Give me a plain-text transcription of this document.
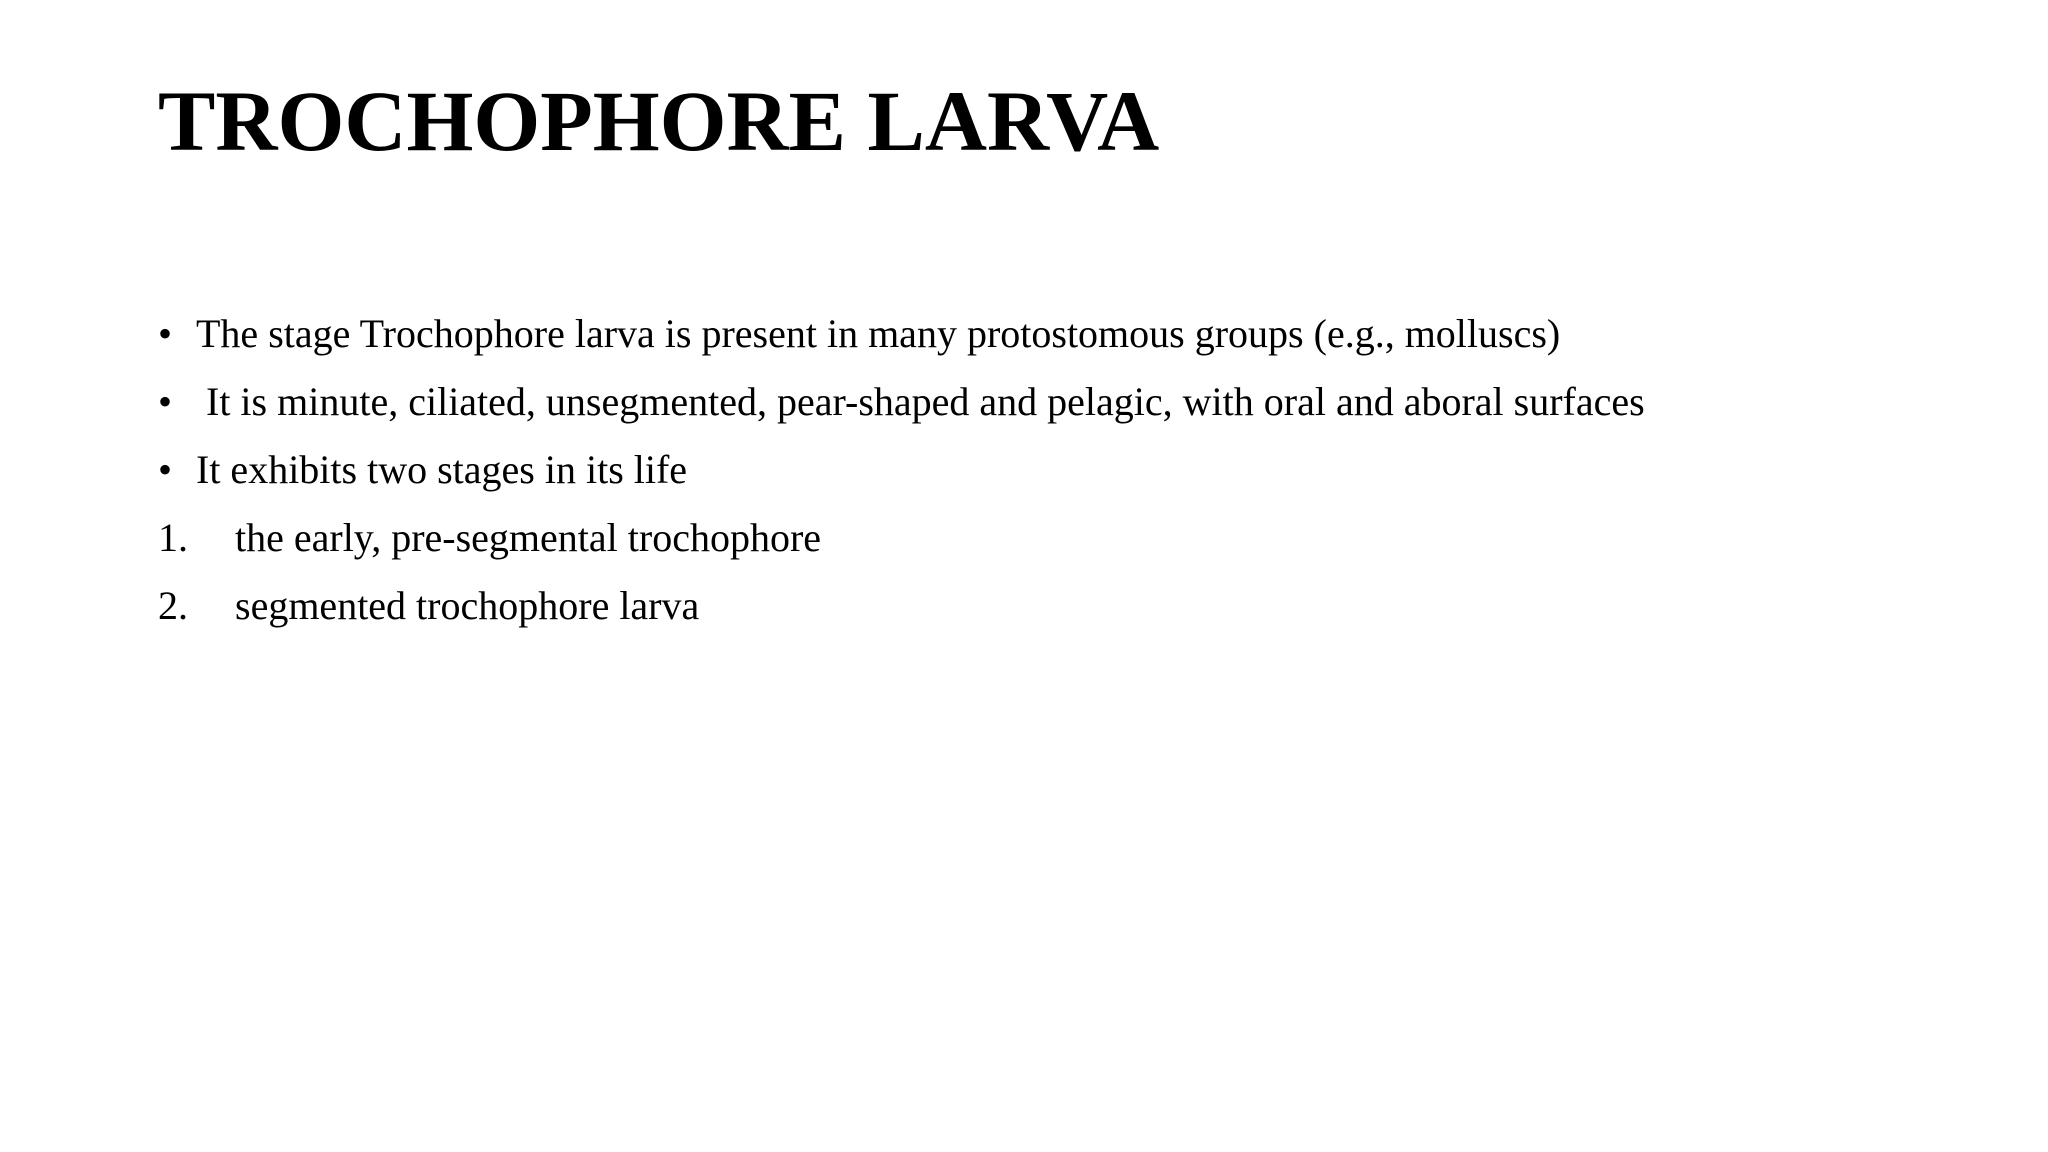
TROCHOPHORE LARVA
• The stage Trochophore larva is present in many protostomous groups (e.g., molluscs)
• It is minute, ciliated, unsegmented, pear-shaped and pelagic, with oral and aboral surfaces
• It exhibits two stages in its life
1. the early, pre-segmental trochophore
2. segmented trochophore larva
